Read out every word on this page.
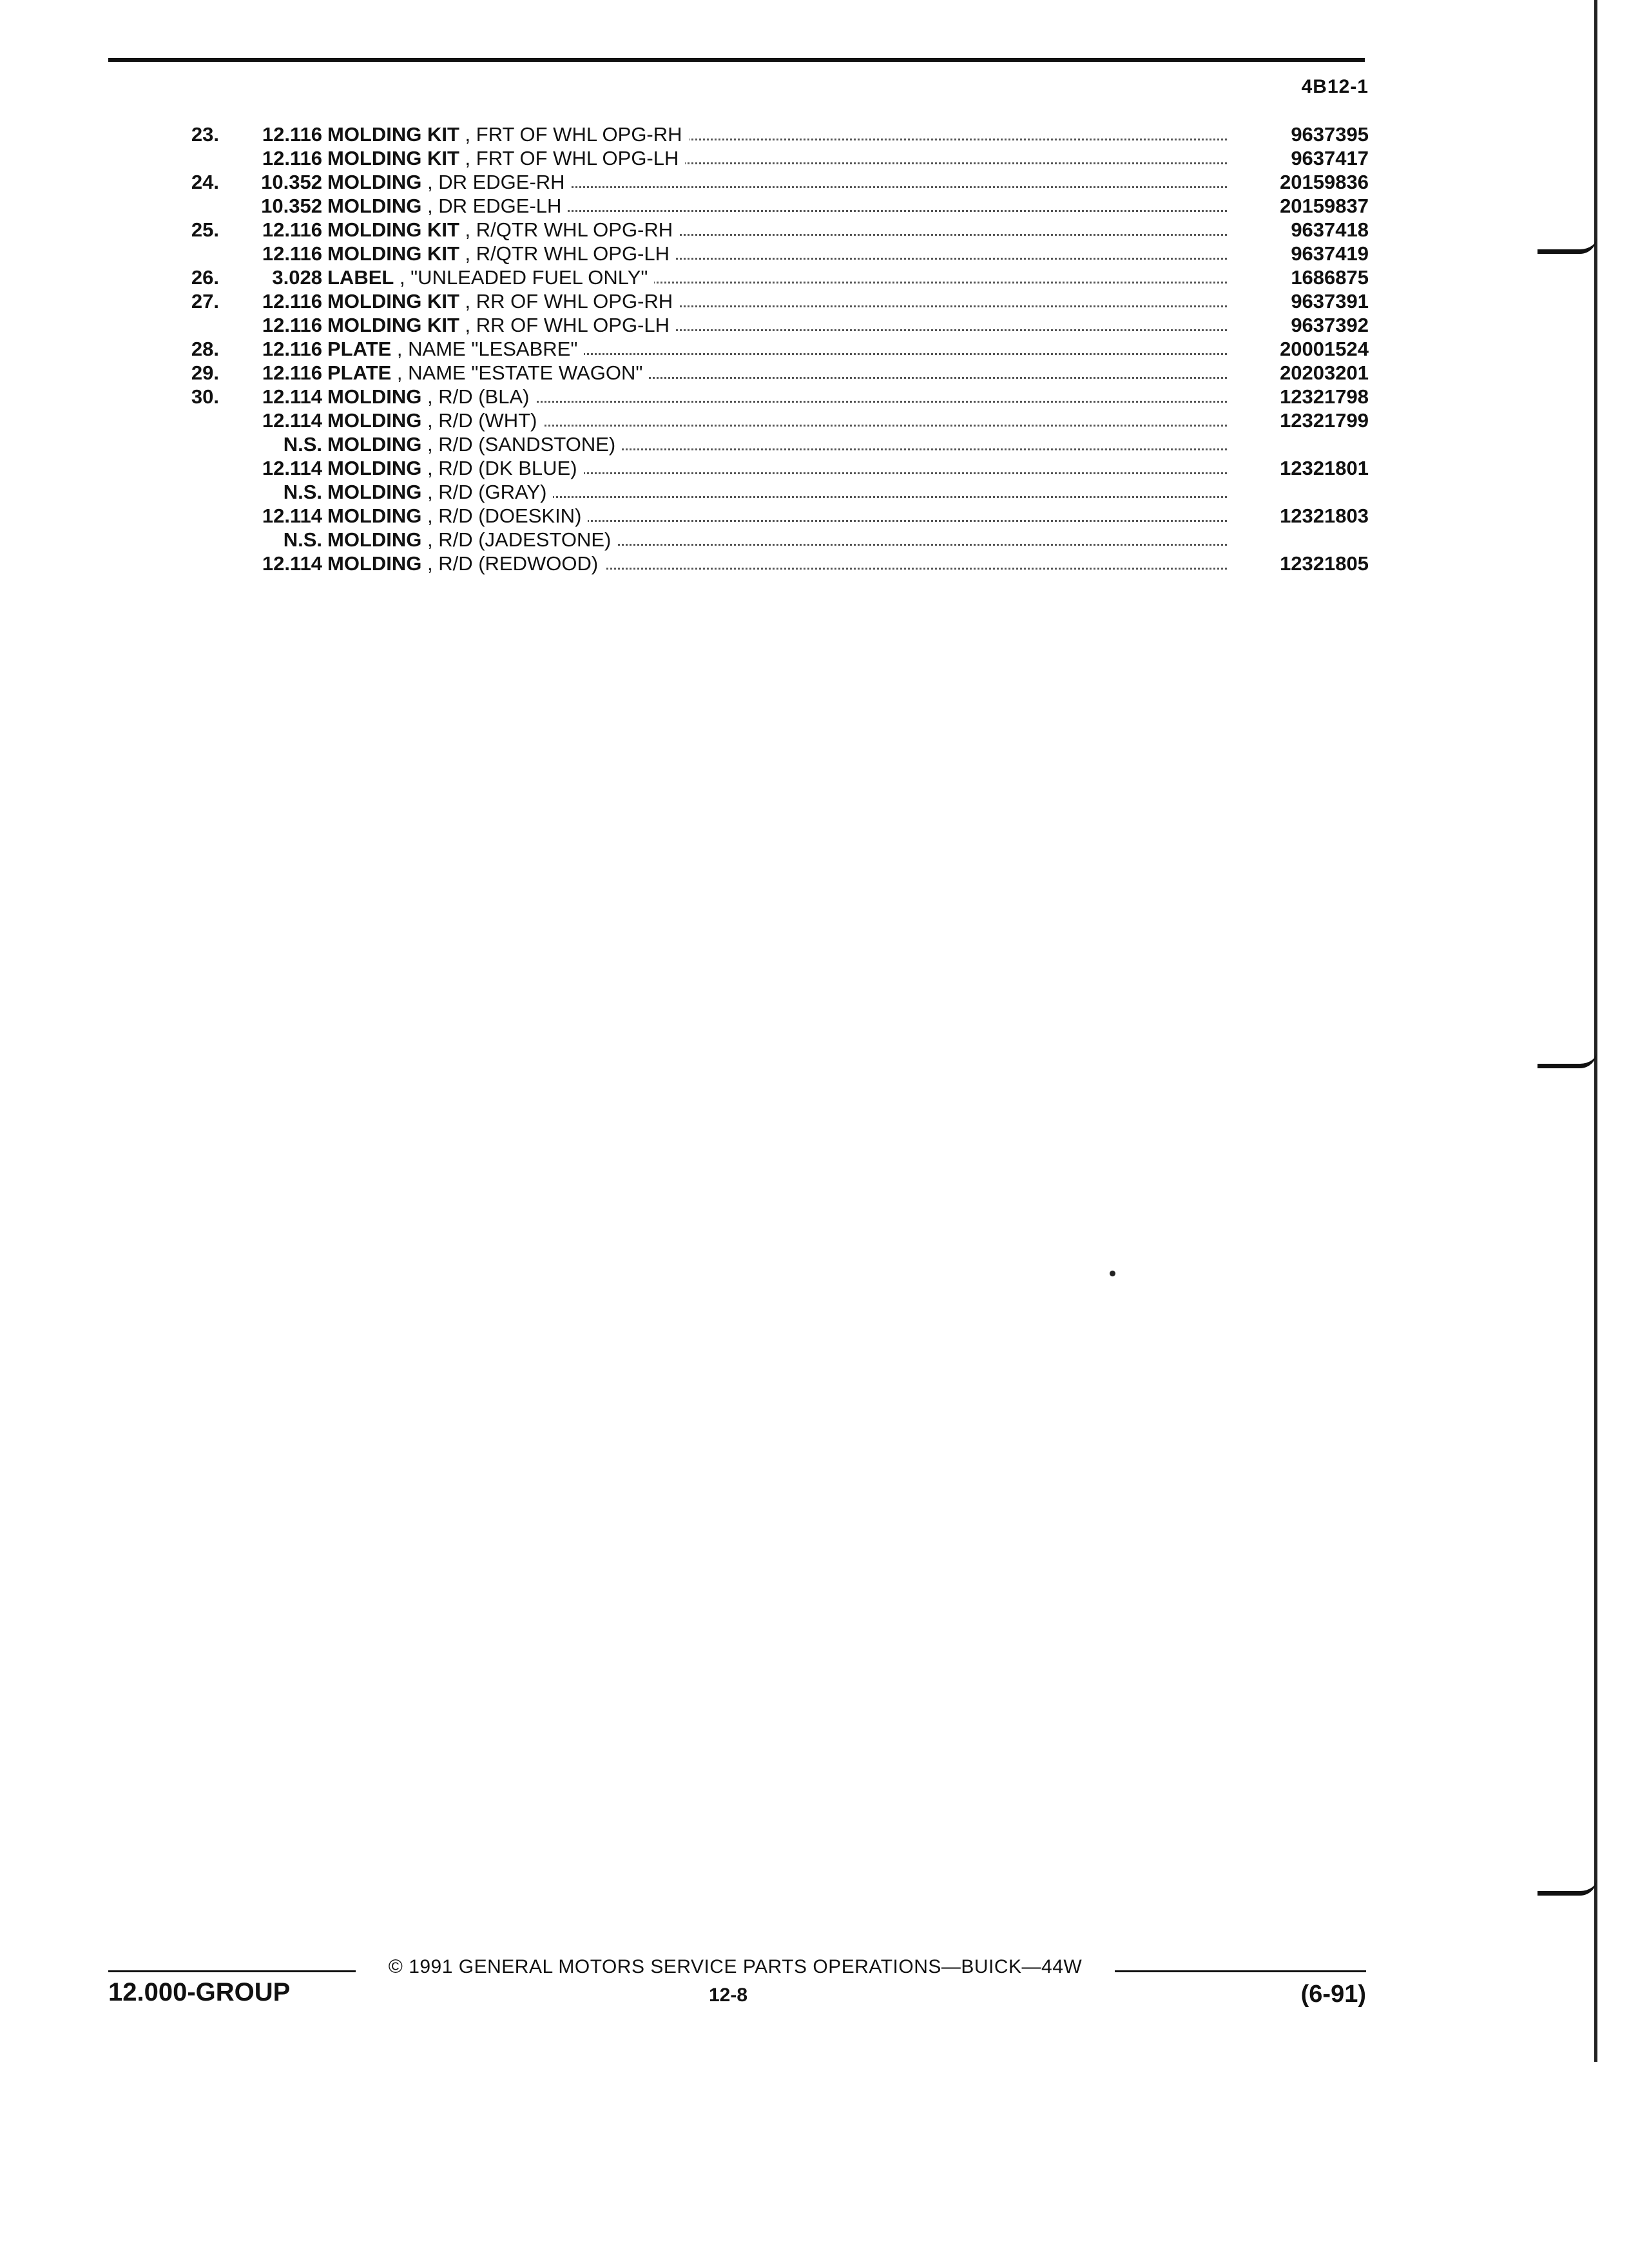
4B12-1
23.	12.116 MOLDING KIT , FRT OF WHL OPG-RH	9637395
12.116 MOLDING KIT , FRT OF WHL OPG-LH	9637417
24.	10.352 MOLDING , DR EDGE-RH	20159836
10.352 MOLDING , DR EDGE-LH	20159837
25.	12.116 MOLDING KIT , R/QTR WHL OPG-RH	9637418
12.116 MOLDING KIT , R/QTR WHL OPG-LH	9637419
26.	3.028 LABEL , "UNLEADED FUEL ONLY"	1686875
27.	12.116 MOLDING KIT , RR OF WHL OPG-RH	9637391
12.116 MOLDING KIT , RR OF WHL OPG-LH	9637392
28.	12.116 PLATE , NAME "LESABRE"	20001524
29.	12.116 PLATE , NAME "ESTATE WAGON"	20203201
30.	12.114 MOLDING , R/D (BLA)	12321798
12.114 MOLDING , R/D (WHT)	12321799
N.S. MOLDING , R/D (SANDSTONE)
12.114 MOLDING , R/D (DK BLUE)	12321801
N.S. MOLDING , R/D (GRAY)
12.114 MOLDING , R/D (DOESKIN)	12321803
N.S. MOLDING , R/D (JADESTONE)
12.114 MOLDING , R/D (REDWOOD)	12321805
© 1991 GENERAL MOTORS SERVICE PARTS OPERATIONS—BUICK—44W
12.000-GROUP	12-8	(6-91)
